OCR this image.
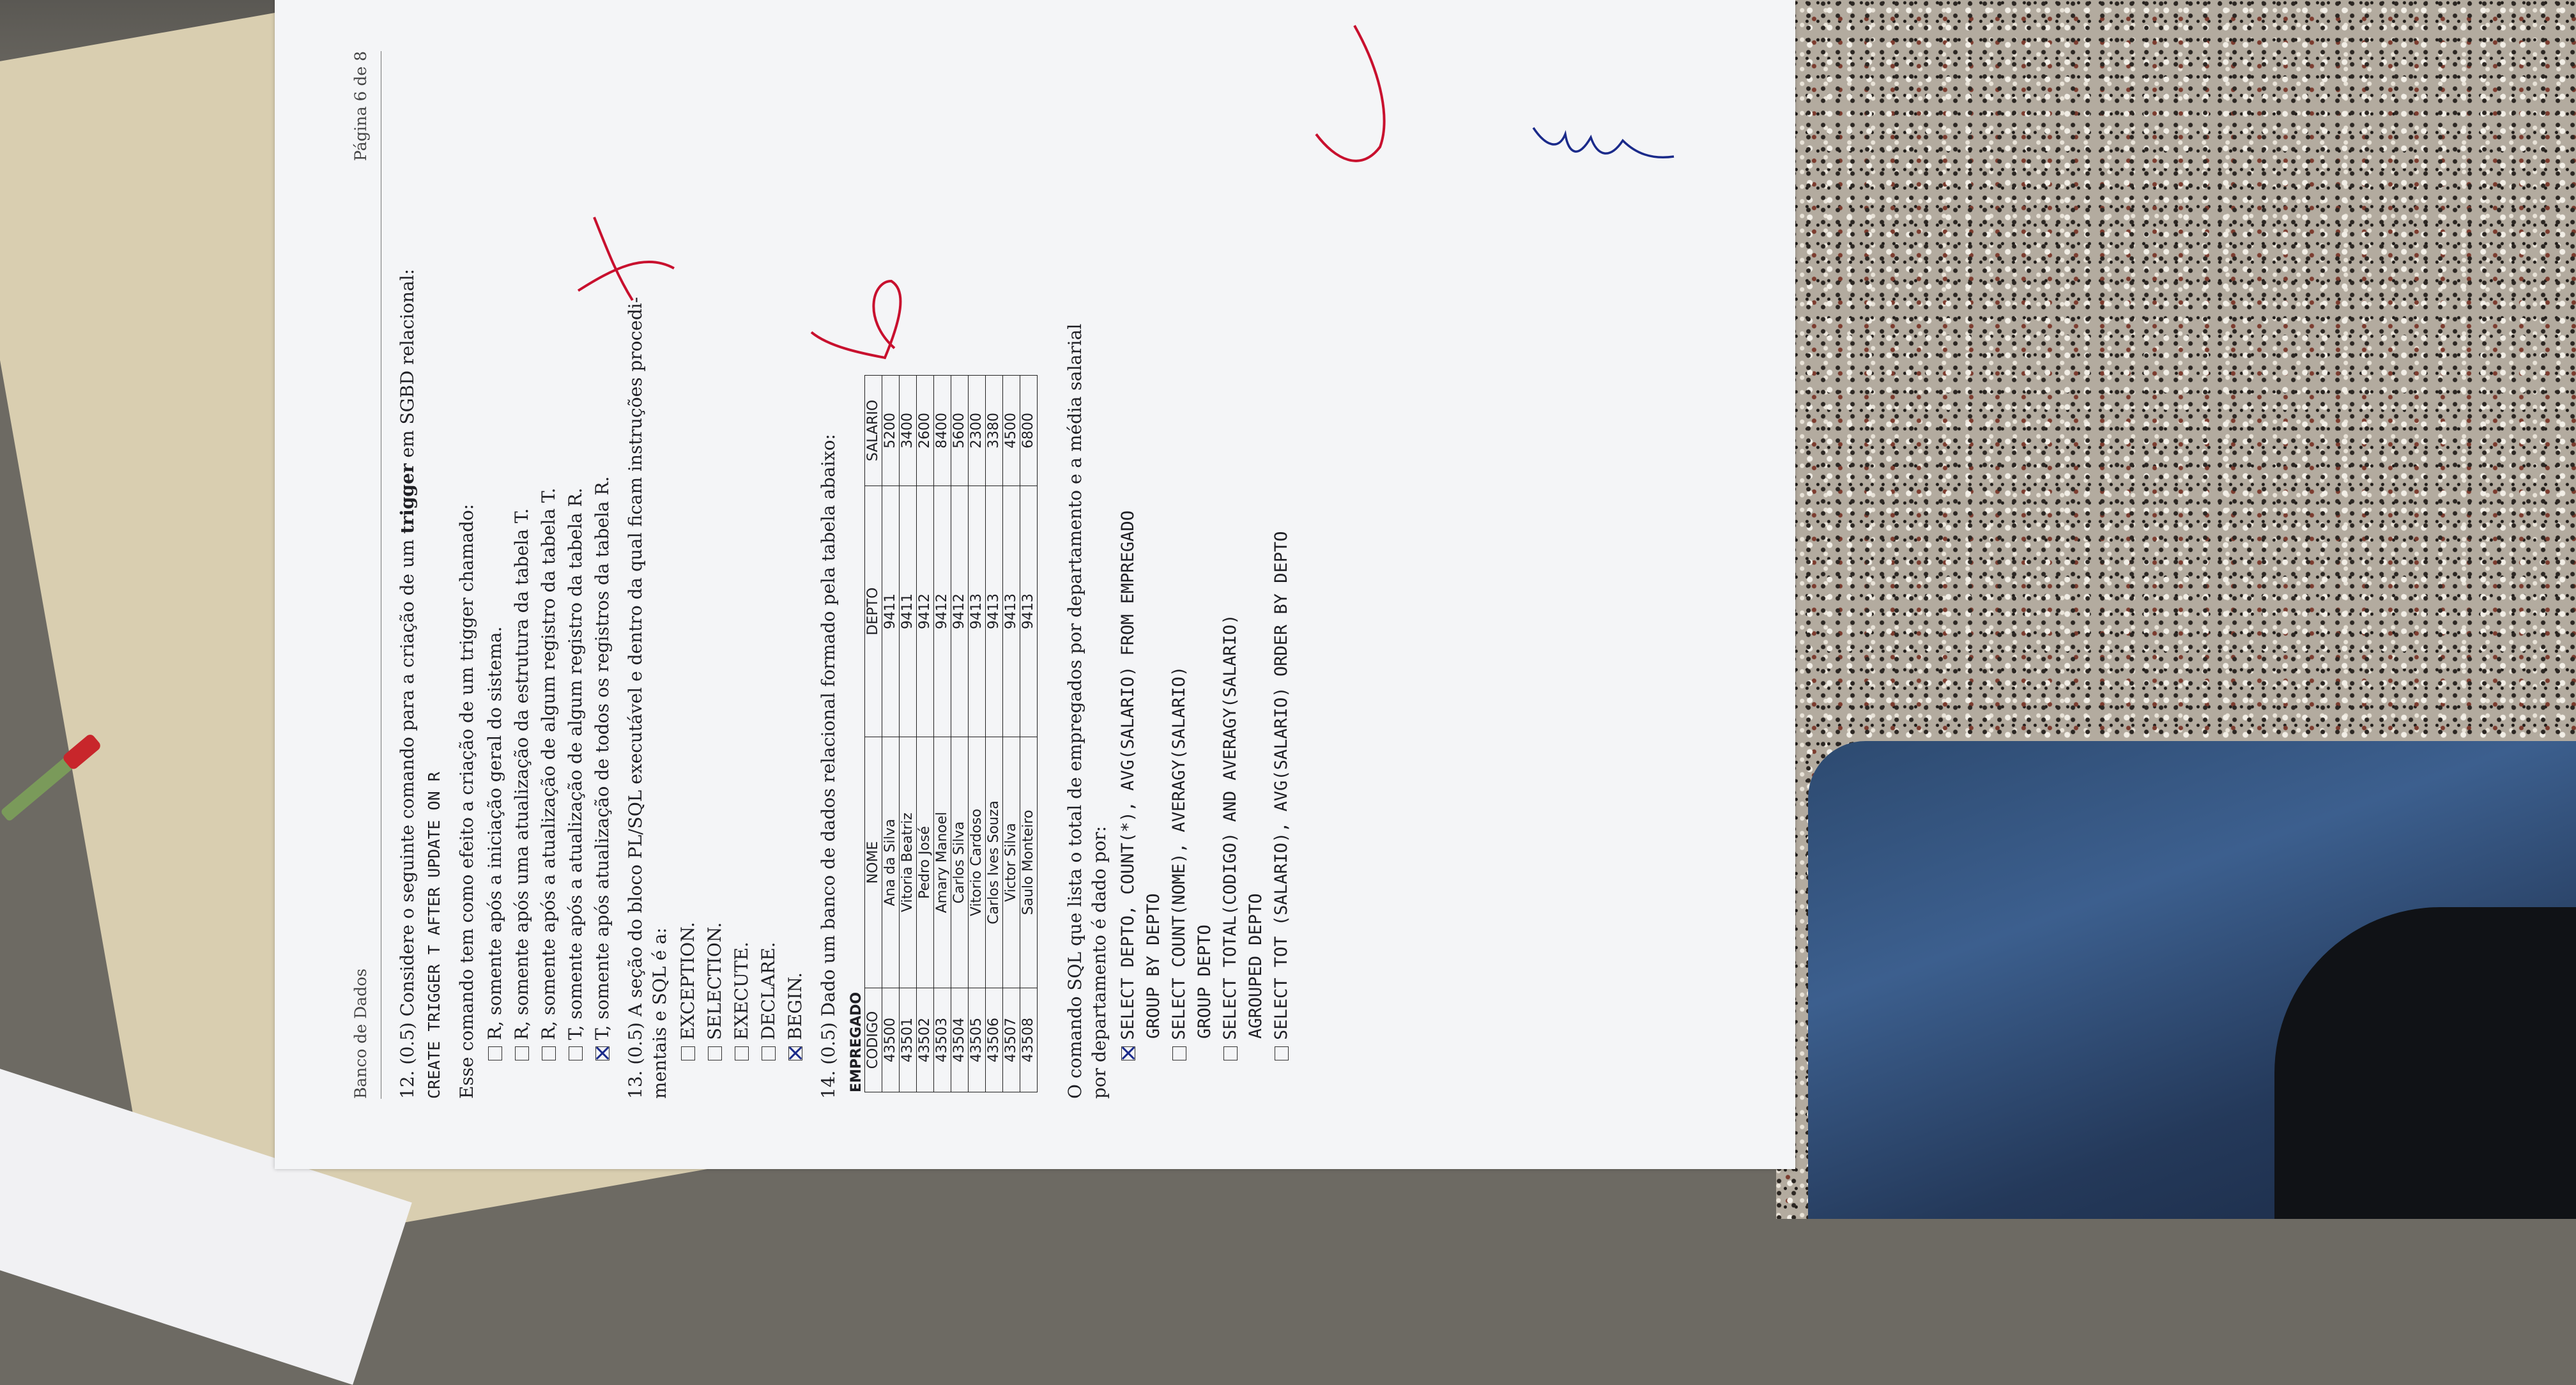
Banco de Dados
Página 6 de 8
12. (0.5) Considere o seguinte comando para a criação de um trigger em SGBD relacional:
CREATE TRIGGER T AFTER UPDATE ON R Esse comando tem como efeito a criação de um trigger chamado: R, somente após a iniciação geral do sistema. R, somente após uma atualização da estrutura da tabela T. R, somente após a atualização de algum registro da tabela T. T, somente após a atualização de algum registro da tabela R. T, somente após atualização de todos os registros da tabela R.
13. (0.5) A seção do bloco PL/SQL executável e dentro da qual ficam instruções procedi- mentais e SQL é a: EXCEPTION. SELECTION. EXECUTE. DECLARE. BEGIN.
14. (0.5) Dado um banco de dados relacional formado pela tabela abaixo:
EMPREGADO CODIGO	NOME	DEPTO	SALARIO
43500	Ana da Silva	9411	5200
43501	Vitoria Beatriz	9411	3400
43502	Pedro José	9412	2600
43503	Amary Manoel	9412	8400
43504	Carlos Silva	9412	5600
43505	Vitorio Cardoso	9413	2300
43506	Carlos Ives Souza	9413	3380
43507	Victor Silva	9413	4500
43508	Saulo Monteiro	9413	6800 O comando SQL que lista o total de empregados por departamento e a média salarial por departamento é dado por: SELECT DEPTO, COUNT(*), AVG(SALARIO) FROM EMPREGADO GROUP BY DEPTO SELECT COUNT(NOME), AVERAGY(SALARIO) GROUP DEPTO SELECT TOTAL(CODIGO) AND AVERAGY(SALARIO) AGROUPED DEPTO SELECT TOT (SALARIO), AVG(SALARIO) ORDER BY DEPTO
